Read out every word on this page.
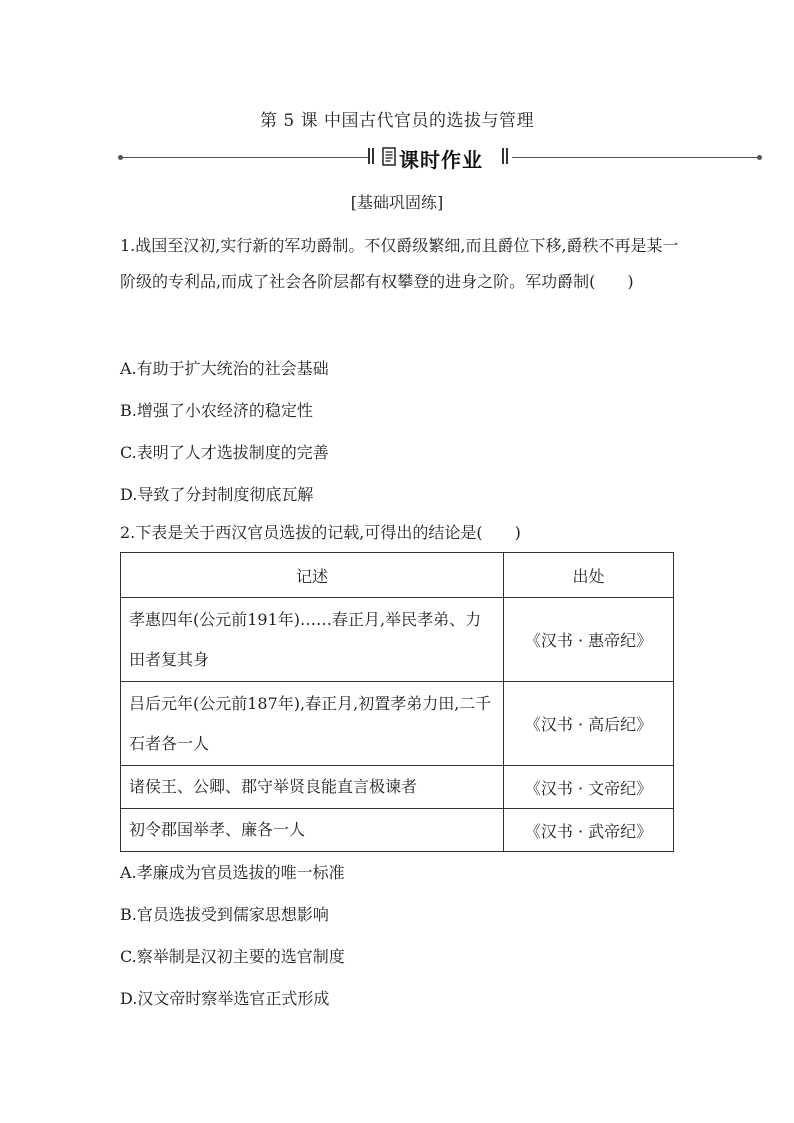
第 5 课 中国古代官员的选拔与管理
课时作业
[基础巩固练]
1.战国至汉初,实行新的军功爵制。不仅爵级繁细,而且爵位下移,爵秩不再是某一阶级的专利品,而成了社会各阶层都有权攀登的进身之阶。军功爵制(　　)
A.有助于扩大统治的社会基础
B.增强了小农经济的稳定性
C.表明了人才选拔制度的完善
D.导致了分封制度彻底瓦解
2.下表是关于西汉官员选拔的记载,可得出的结论是(　　)
记述	出处
孝惠四年(公元前191年)……春正月,举民孝弟、力田者复其身	《汉书 · 惠帝纪》
吕后元年(公元前187年),春正月,初置孝弟力田,二千石者各一人	《汉书 · 高后纪》
诸侯王、公卿、郡守举贤良能直言极谏者	《汉书 · 文帝纪》
初令郡国举孝、廉各一人	《汉书 · 武帝纪》
A.孝廉成为官员选拔的唯一标准
B.官员选拔受到儒家思想影响
C.察举制是汉初主要的选官制度
D.汉文帝时察举选官正式形成
